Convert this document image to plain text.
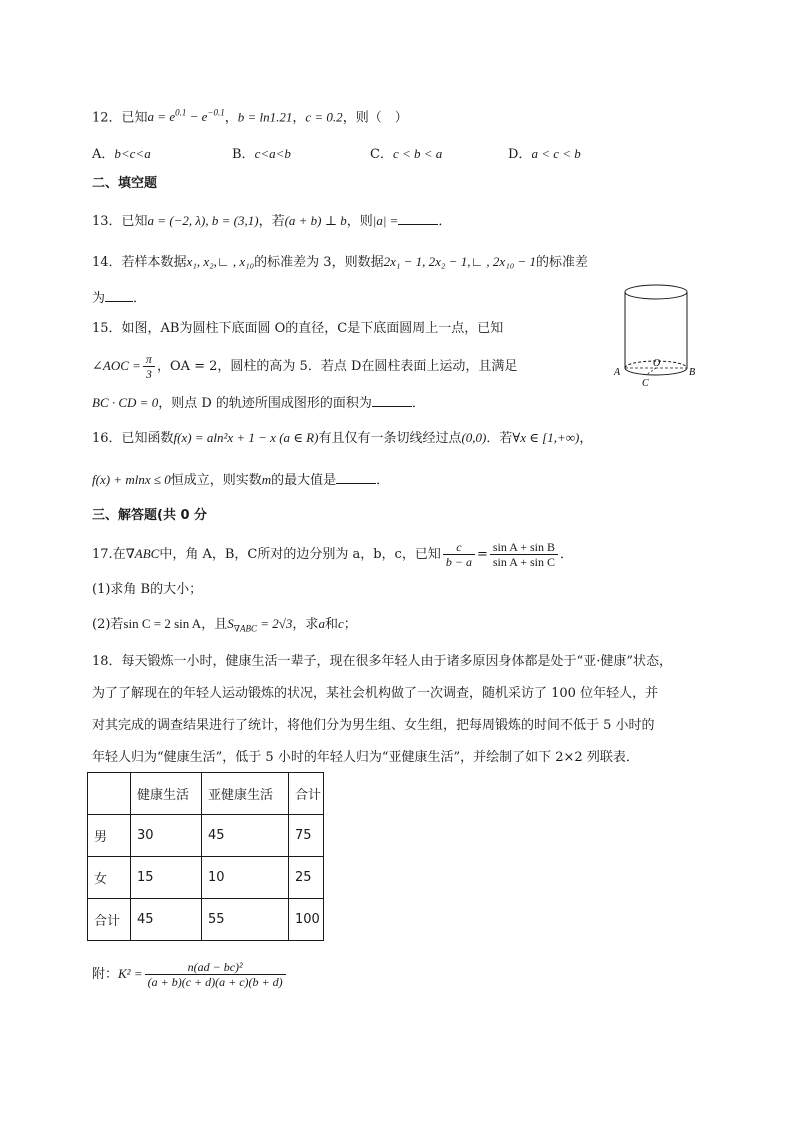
12．已知$a = e^{0.1} - e^{-0.1}$，b = ln1.21，c = 0.2，则（　）
A．b<c<a	B．c<a<b	C．c < b < a	D．a < c < b
二、填空题
13．已知a = (−2, λ), b = (3,1)，若(a + b) ⊥ b，则|a| =	．
14．若样本数据x₁, x₂,∟ , x₁₀的标准差为 3，则数据2x₁ − 1, 2x₂ − 1,∟ , 2x₁₀ − 1的标准差
为 ．
15．如图，AB为圆柱下底面圆 O的直径，C是下底面圆周上一点，已知
∠AOC = $\frac{\pi}{3}$ ，OA = 2，圆柱的高为 5．若点 D在圆柱表面上运动，且满足
BC · CD = 0，则点 D 的轨迹所围成图形的面积为	．
A	B
C
O
16．已知函数f(x) = aln²x + 1 − x (a ∈ R)有且仅有一条切线经过点(0,0)．若∀x ∈ [1,+∞)，
f(x) + mlnx ≤ 0恒成立，则实数m的最大值是	．
三、解答题(共 0 分
17.在∇ABC中，角 A，B，C所对的边分别为 a，b，c，已知 $\frac{c}{b - a} = \frac{\text{sin A + sin B}}{\text{sin A + sin C}}$ ．
(1)求角 B的大小；
(2)若sin C = 2 sin A，且$S_{\nabla ABC} = 2√3$，求a和c；
18．每天锻炼一小时，健康生活一辈子，现在很多年轻人由于诸多原因身体都是处于“亚·健康”状态，
为了了解现在的年轻人运动锻炼的状况，某社会机构做了一次调查，随机采访了 100 位年轻人，并
对其完成的调查结果进行了统计，将他们分为男生组、女生组，把每周锻炼的时间不低于 5 小时的
年轻人归为“健康生活”，低于 5 小时的年轻人归为“亚健康生活”，并绘制了如下 2×2 列联表．
	健康生活	亚健康生活	合计
男	30	45	75
女	15	10	25
合计	45	55	100
附：$K^2 = \frac{\text{n(ad − bc)²}}{(a + b)(c + d)(a + c)(b + d)}$
